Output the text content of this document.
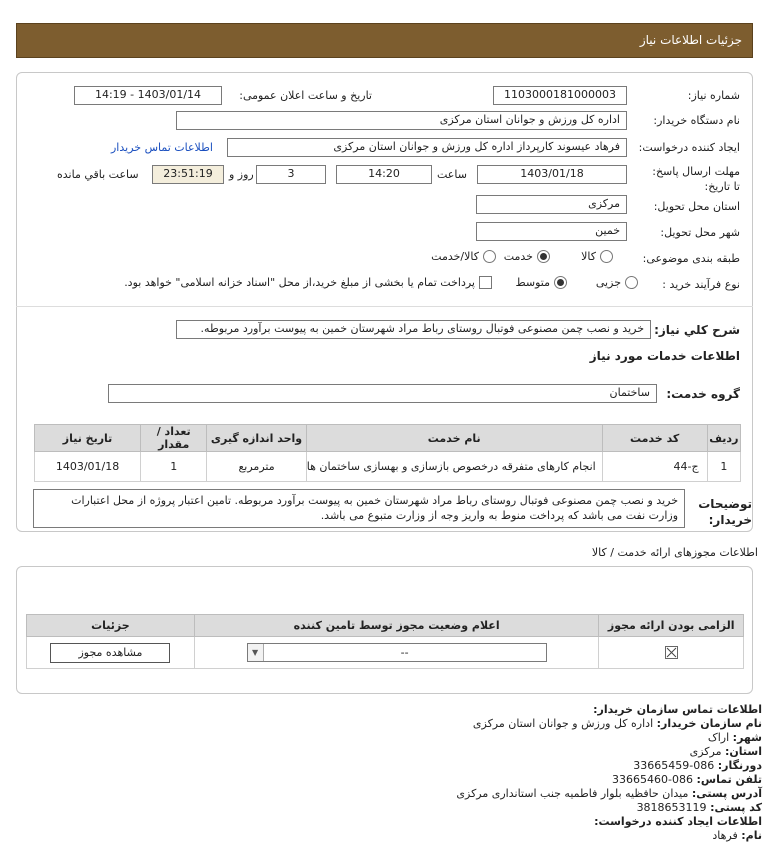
جزئیات اطلاعات نیاز
شماره نیاز:
1103000181000003
تاریخ و ساعت اعلان عمومی:
1403/01/14 - 14:19
نام دستگاه خریدار:
اداره کل ورزش و جوانان استان مرکزی
ایجاد کننده درخواست:
فرهاد عیسوند کارپرداز اداره کل ورزش و جوانان استان مرکزی
اطلاعات تماس خریدار
مهلت ارسال پاسخ: تا تاریخ:
1403/01/18
ساعت
14:20
روز و	3
23:51:19
ساعت باقي مانده
استان محل تحویل:
مرکزی
شهر محل تحویل:
خمین
طبقه بندی موضوعی:
کالا
خدمت
کالا/خدمت
نوع فرآیند خرید :
جزیی
متوسط
پرداخت تمام یا بخشی از مبلغ خرید،از محل "اسناد خزانه اسلامی" خواهد بود.
شرح کلي نياز:
خرید و نصب چمن مصنوعی فوتبال روستای رباط مراد شهرستان خمین به پیوست برآورد مربوطه.
اطلاعات خدمات مورد نیاز
گروه خدمت:
ساختمان
ردیف	کد خدمت	نام خدمت	واحد اندازه گیری	تعداد / مقدار	تاریخ نیاز
1	ج-44	انجام کارهای متفرقه درخصوص بازسازی و بهسازی ساختمان ها	مترمربع	1	1403/01/18
توضیحات خریدار:
خرید و نصب چمن مصنوعی فوتبال روستای رباط مراد شهرستان خمین به پیوست برآورد مربوطه. تامین اعتبار پروژه از محل اعتبارات وزارت نفت می باشد که پرداخت منوط به واریز وجه از وزارت متبوع می باشد.
اطلاعات مجوزهای ارائه خدمت / کالا
الزامی بودن ارائه مجوز	اعلام وضعیت مجوز توسط تامین کننده	جزئیات

▼ --	مشاهده مجوز
اطلاعات تماس سازمان خریدار:
نام سازمان خریدار: اداره کل ورزش و جوانان استان مرکزی
شهر: اراک
استان: مرکزی
دورنگار: 086-33665459
تلفن تماس: 086-33665460
آدرس پستی: میدان حافظیه بلوار فاطمیه جنب استانداری مرکزی
کد پستی: 3818653119
اطلاعات ایجاد کننده درخواست:
نام: فرهاد
